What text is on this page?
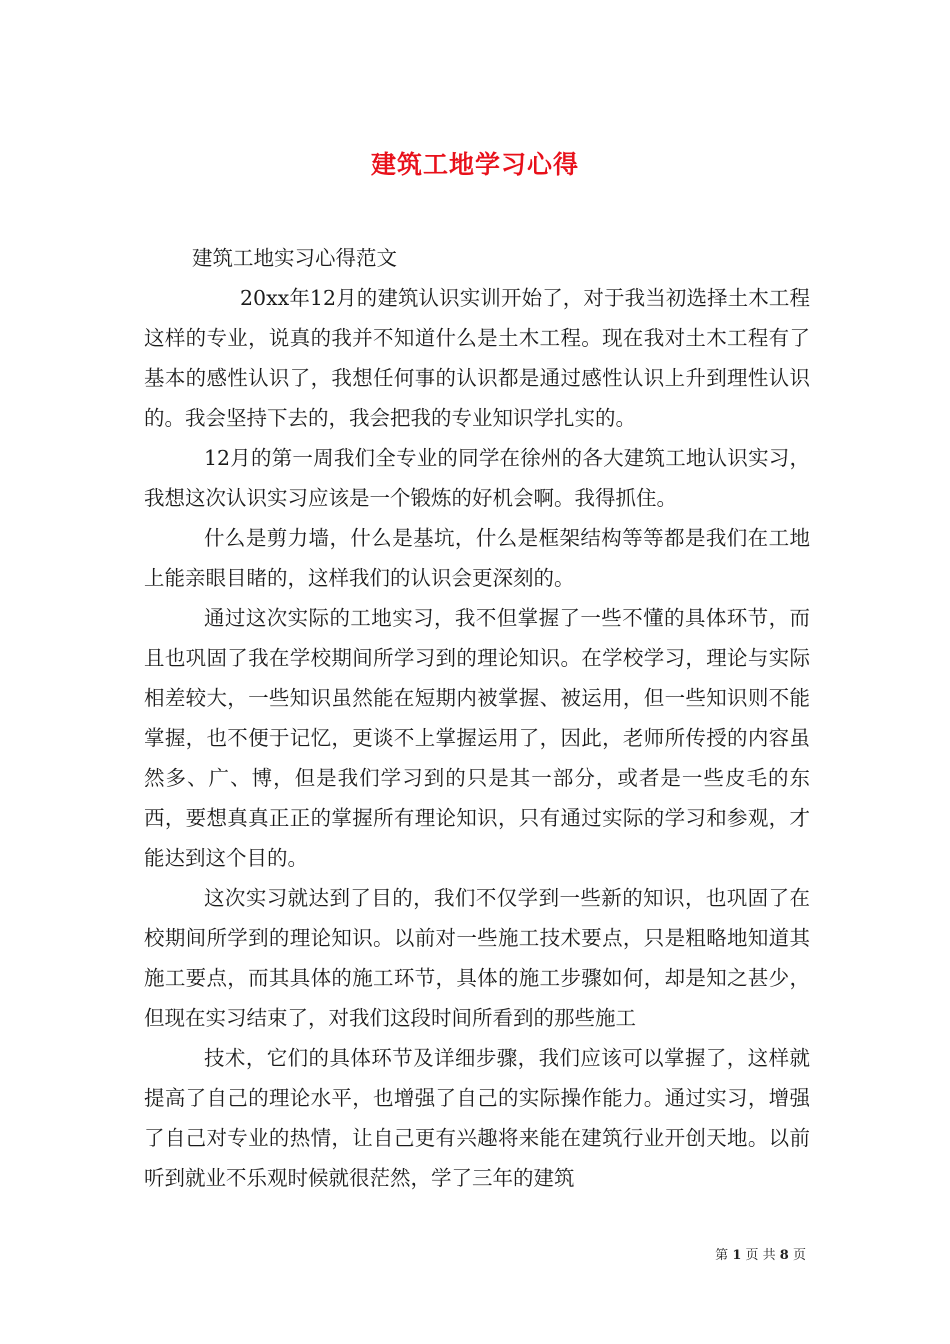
建筑工地学习心得

建筑工地实习心得范文

20xx年12月的建筑认识实训开始了，对于我当初选择土木工程这样的专业，说真的我并不知道什么是土木工程。现在我对土木工程有了基本的感性认识了，我想任何事的认识都是通过感性认识上升到理性认识的。我会坚持下去的，我会把我的专业知识学扎实的。

12月的第一周我们全专业的同学在徐州的各大建筑工地认识实习，我想这次认识实习应该是一个锻炼的好机会啊。我得抓住。

什么是剪力墙，什么是基坑，什么是框架结构等等都是我们在工地上能亲眼目睹的，这样我们的认识会更深刻的。

通过这次实际的工地实习，我不但掌握了一些不懂的具体环节，而且也巩固了我在学校期间所学习到的理论知识。在学校学习，理论与实际相差较大，一些知识虽然能在短期内被掌握、被运用，但一些知识则不能掌握，也不便于记忆，更谈不上掌握运用了，因此，老师所传授的内容虽然多、广、博，但是我们学习到的只是其一部分，或者是一些皮毛的东西，要想真真正正的掌握所有理论知识，只有通过实际的学习和参观，才能达到这个目的。

这次实习就达到了目的，我们不仅学到一些新的知识，也巩固了在校期间所学到的理论知识。以前对一些施工技术要点，只是粗略地知道其施工要点，而其具体的施工环节，具体的施工步骤如何，却是知之甚少，但现在实习结束了，对我们这段时间所看到的那些施工

技术，它们的具体环节及详细步骤，我们应该可以掌握了，这样就提高了自己的理论水平，也增强了自己的实际操作能力。通过实习，增强了自己对专业的热情，让自己更有兴趣将来能在建筑行业开创天地。以前听到就业不乐观时候就很茫然，学了三年的建筑

第 1 页 共 8 页
